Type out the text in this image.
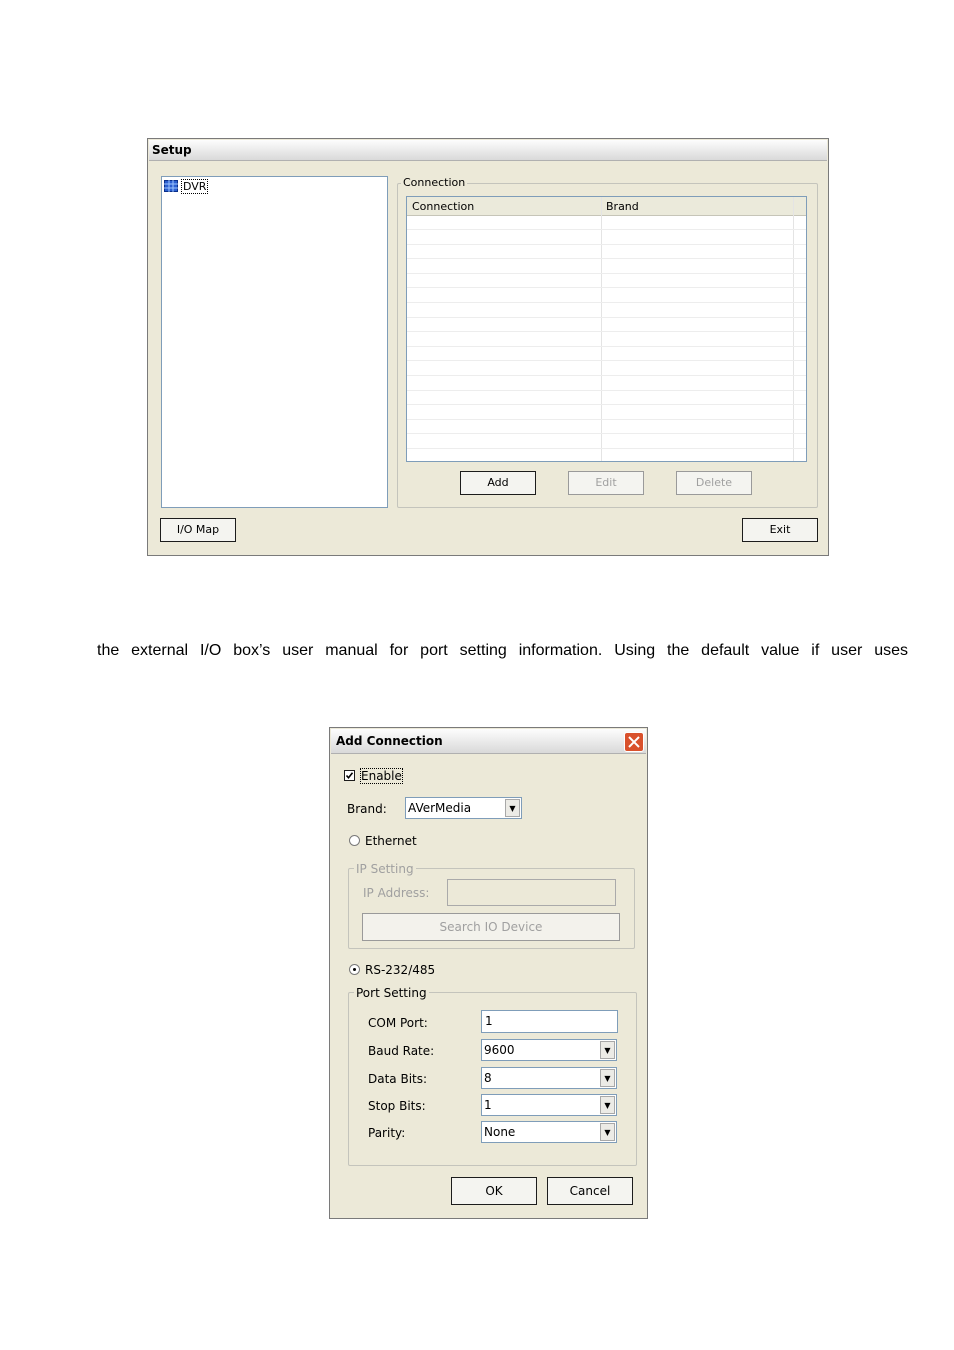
Setup
DVR	Connection
Connection	Brand
Add	Edit	Delete
I/O Map	Exit
the external I/O box’s user manual for port setting information. Using the default value if user uses
Add Connection
Enable
Brand: AVerMedia	▼
Ethernet
IP Setting
IP Address:
Search IO Device
RS-232/485
Port Setting
COM Port:	1
Baud Rate:	9600	▼
Data Bits:	8	▼
Stop Bits:	1	▼
Parity:	None	▼
OK	Cancel
